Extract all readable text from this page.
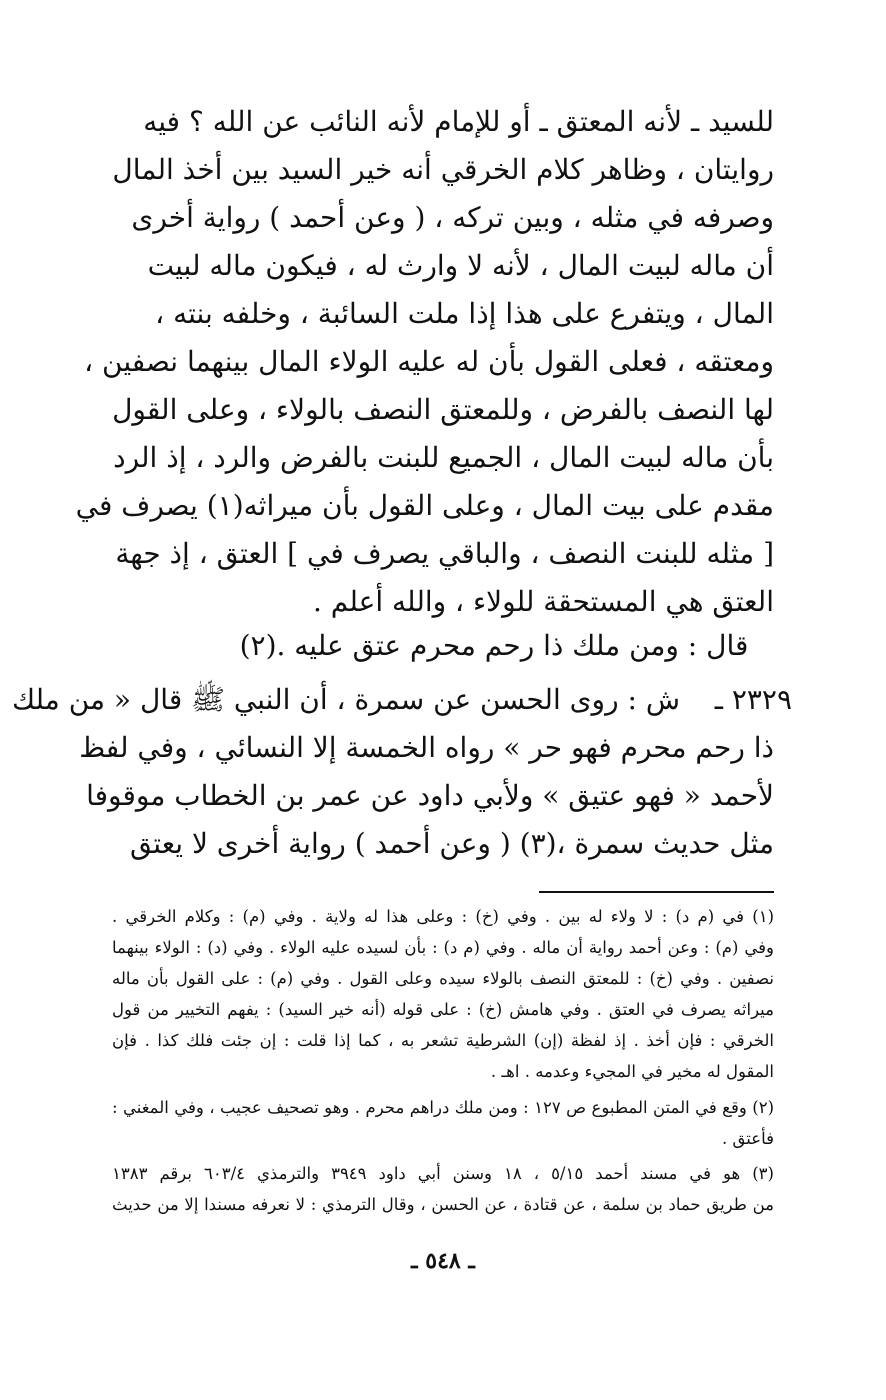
للسيد ـ لأنه المعتق ـ أو للإمام لأنه النائب عن الله ؟ فيه
روايتان ، وظاهر كلام الخرقي أنه خير السيد بين أخذ المال
وصرفه في مثله ، وبين تركه ، ( وعن أحمد ) رواية أخرى
أن ماله لبيت المال ، لأنه لا وارث له ، فيكون ماله لبيت
المال ، ويتفرع على هذا إذا ملت السائبة ، وخلفه بنته ،
ومعتقه ، فعلى القول بأن له عليه الولاء المال بينهما نصفين ،
لها النصف بالفرض ، وللمعتق النصف بالولاء ، وعلى القول
بأن ماله لبيت المال ، الجميع للبنت بالفرض والرد ، إذ الرد
مقدم على بيت المال ، وعلى القول بأن ميراثه(١) يصرف في
[ مثله للبنت النصف ، والباقي يصرف في ] العتق ، إذ جهة
العتق هي المستحقة للولاء ، والله أعلم .
قال : ومن ملك ذا رحم محرم عتق عليه .(٢)
٢٣٢٩ ـ
ش : روى الحسن عن سمرة ، أن النبي ﷺ قال « من ملك
ذا رحم محرم فهو حر » رواه الخمسة إلا النسائي ، وفي لفظ
لأحمد « فهو عتيق » ولأبي داود عن عمر بن الخطاب موقوفا
مثل حديث سمرة ،(٣) ( وعن أحمد ) رواية أخرى لا يعتق
(١) في (م د) : لا ولاء له بين . وفي (خ) : وعلى هذا له ولاية . وفي (م) : وكلام الخرقي .
وفي (م) : وعن أحمد رواية أن ماله . وفي (م د) : بأن لسيده عليه الولاء . وفي (د) : الولاء بينهما
نصفين . وفي (خ) : للمعتق النصف بالولاء سيده وعلى القول . وفي (م) : على القول بأن ماله
ميراثه يصرف في العتق . وفي هامش (خ) : على قوله (أنه خير السيد) : يفهم التخيير من قول
الخرقي : فإن أخذ . إذ لفظة (إن) الشرطية تشعر به ، كما إذا قلت : إن جئت فلك كذا . فإن
المقول له مخير في المجيء وعدمه . اهـ .
(٢) وقع في المتن المطبوع ص ١٢٧ : ومن ملك دراهم محرم . وهو تصحيف عجيب ، وفي المغني :
فأعتق .
(٣) هو في مسند أحمد ٥/١٥ ، ١٨ وسنن أبي داود ٣٩٤٩ والترمذي ٦٠٣/٤ برقم ١٣٨٣
من طريق حماد بن سلمة ، عن قتادة ، عن الحسن ، وقال الترمذي : لا نعرفه مسندا إلا من حديث
ـ ٥٤٨ ـ
